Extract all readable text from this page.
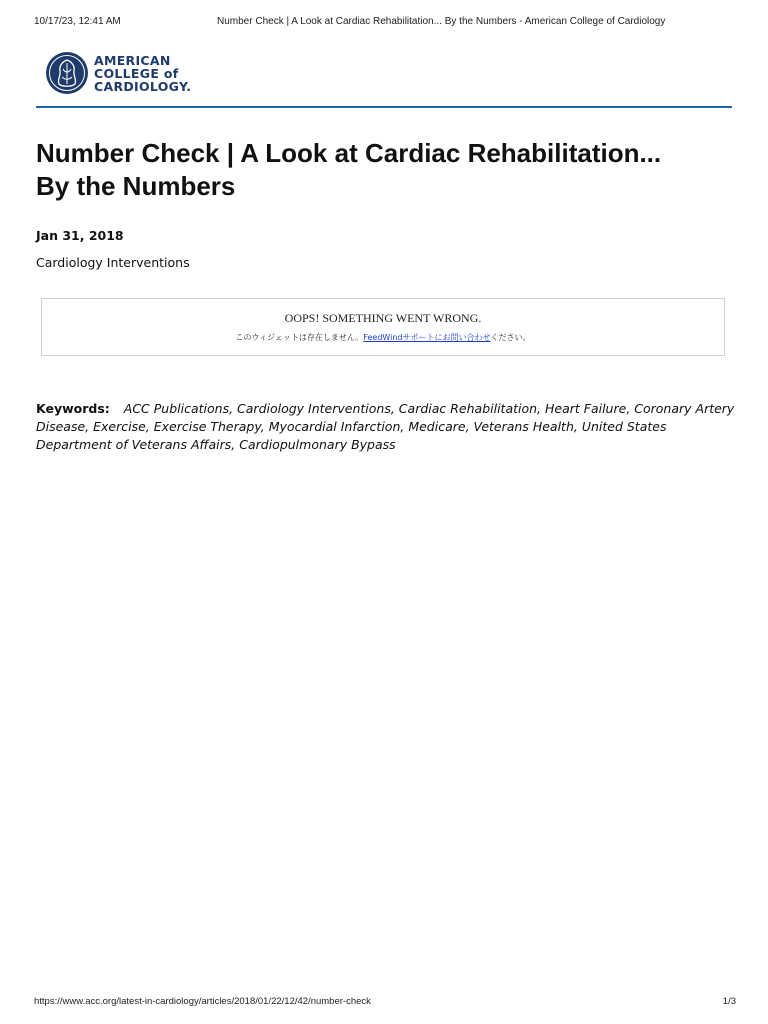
10/17/23, 12:41 AM	Number Check | A Look at Cardiac Rehabilitation... By the Numbers - American College of Cardiology
AMERICAN
COLLEGE of
CARDIOLOGY.
Number Check | A Look at Cardiac Rehabilitation...
By the Numbers
Jan 31, 2018
Cardiology Interventions
OOPS! SOMETHING WENT WRONG.
このウィジェットは存在しません。FeedWindサポートにお問い合わせください。
Keywords: ACC Publications, Cardiology Interventions, Cardiac Rehabilitation, Heart Failure, Coronary Artery Disease, Exercise, Exercise Therapy, Myocardial Infarction, Medicare, Veterans Health, United States Department of Veterans Affairs, Cardiopulmonary Bypass
https://www.acc.org/latest-in-cardiology/articles/2018/01/22/12/42/number-check	1/3
